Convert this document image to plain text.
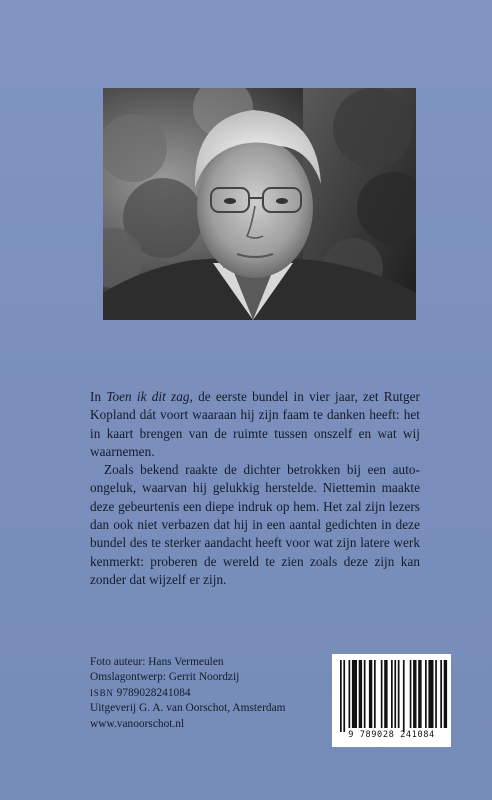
In Toen ik dit zag, de eerste bundel in vier jaar, zet Rutger Kopland dát voort waaraan hij zijn faam te danken heeft: het in kaart brengen van de ruimte tussen onszelf en wat wij waarnemen.

Zoals bekend raakte de dichter betrokken bij een auto-ongeluk, waarvan hij gelukkig herstelde. Niettemin maakte deze gebeurtenis een diepe indruk op hem. Het zal zijn lezers dan ook niet verbazen dat hij in een aantal gedichten in deze bundel des te sterker aandacht heeft voor wat zijn latere werk kenmerkt: proberen de wereld te zien zoals deze zijn kan zonder dat wijzelf er zijn.

Foto auteur: Hans Vermeulen
Omslagontwerp: Gerrit Noordzij
ISBN 9789028241084
Uitgeverij G. A. van Oorschot, Amsterdam
www.vanoorschot.nl
9 789028 241084
